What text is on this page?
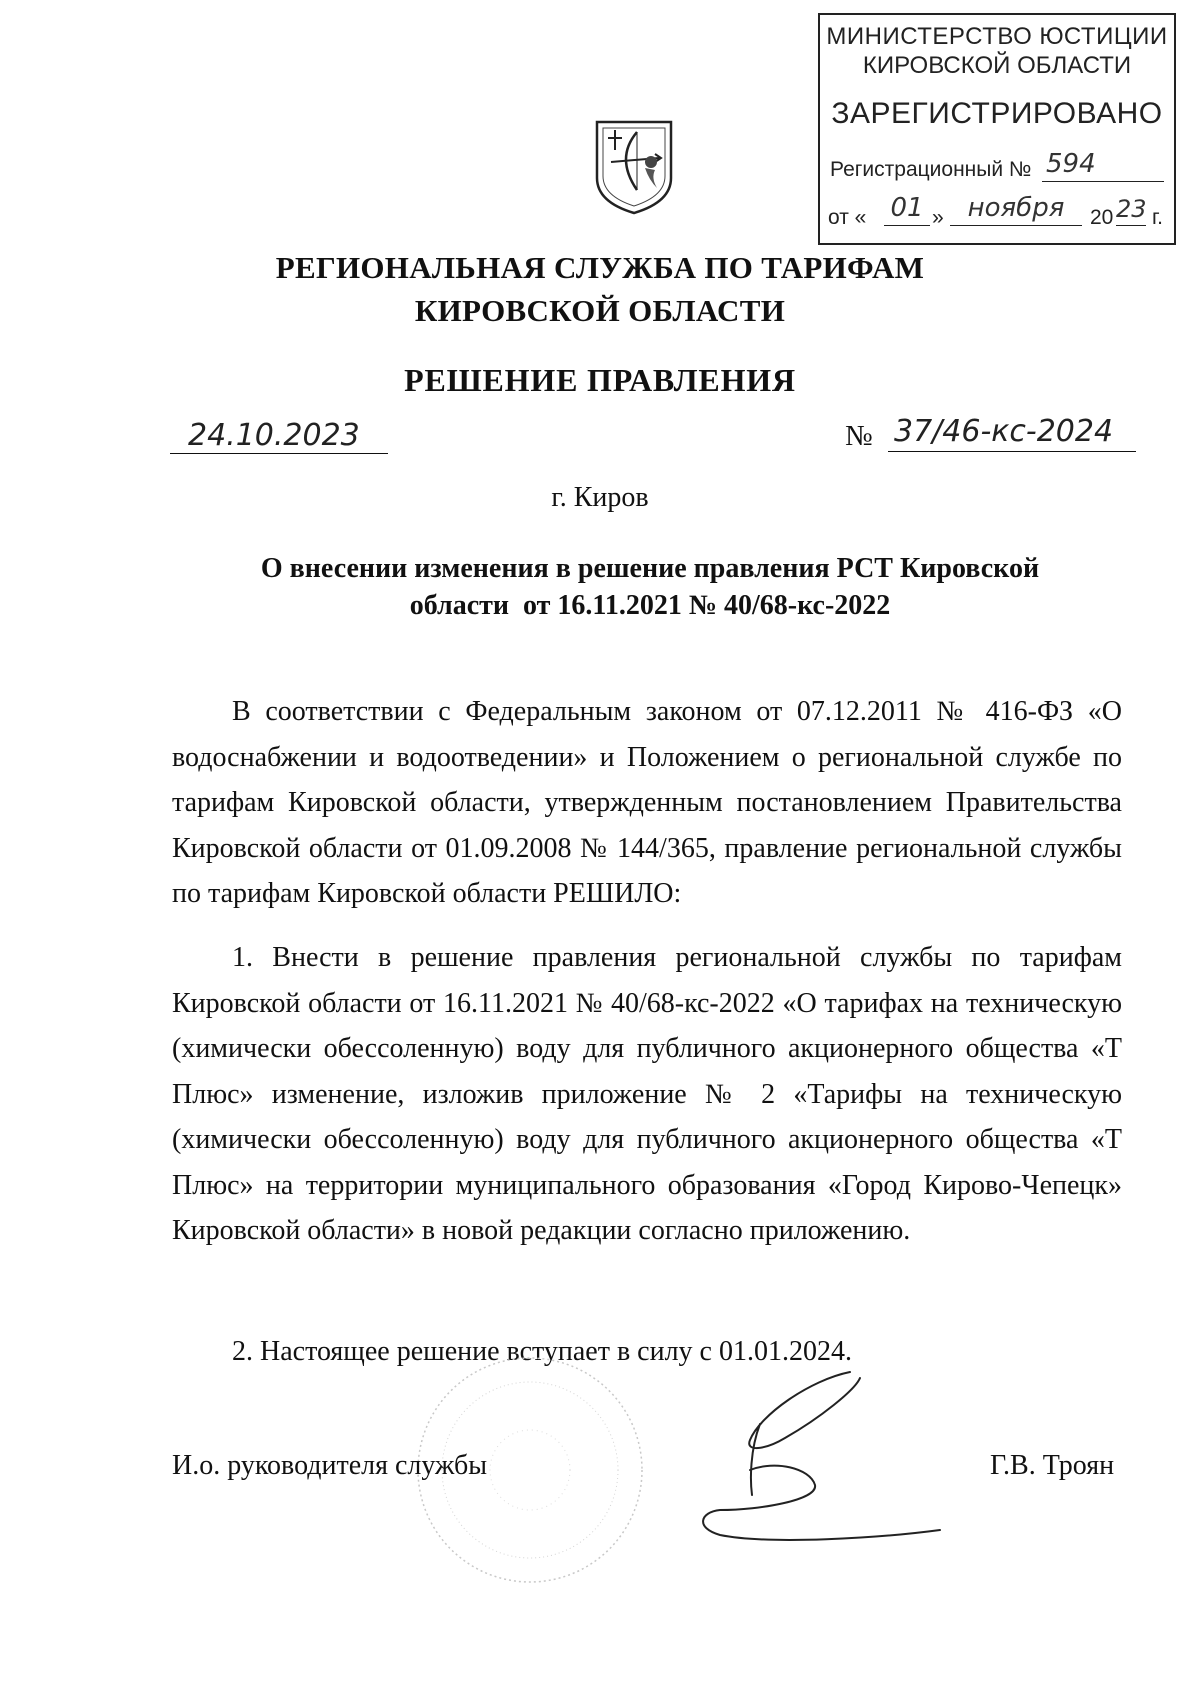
МИНИСТЕРСТВО ЮСТИЦИИ
КИРОВСКОЙ ОБЛАСТИ
ЗАРЕГИСТРИРОВАНО
Регистрационный № 594
от « 01 » ноября	20 23 г.
РЕГИОНАЛЬНАЯ СЛУЖБА ПО ТАРИФАМ
КИРОВСКОЙ ОБЛАСТИ
РЕШЕНИЕ ПРАВЛЕНИЯ
24.10.2023	№ 37/46-кс-2024
г. Киров
О внесении изменения в решение правления РСТ Кировской
области  от 16.11.2021 № 40/68-кс-2022
В соответствии с Федеральным законом от 07.12.2011 № 416-ФЗ «О водоснабжении и водоотведении» и Положением о региональной службе по тарифам Кировской области, утвержденным постановлением Правительства Кировской области от 01.09.2008 № 144/365, правление региональной службы по тарифам Кировской области РЕШИЛО:
1. Внести в решение правления региональной службы по тарифам Кировской области от 16.11.2021 № 40/68-кс-2022 «О тарифах на техническую (химически обессоленную) воду для публичного акционерного общества «Т Плюс» изменение, изложив приложение № 2 «Тарифы на техническую (химически обессоленную) воду для публичного акционерного общества «Т Плюс» на территории муниципального образования «Город Кирово-Чепецк» Кировской области» в новой редакции согласно приложению.
2. Настоящее решение вступает в силу с 01.01.2024.
И.о. руководителя службы	Г.В. Троян
